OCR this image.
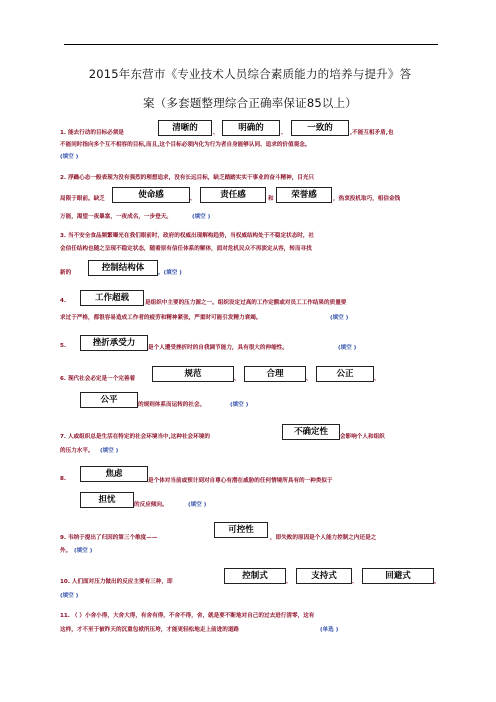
2015年东营市《专业技术人员综合素质能力的培养与提升》答
案（多套题整理综合正确率保证85以上）
1. 能去行动的目标必须是	清晰的	、	明确的	、	一致的	,不能互相矛盾,也
不能同时指向多个互不相容的目标,而且,这个目标必须内化为行为者自身能够认同、追求的价值观念。
(填空 )
2. 浮躁心态一般表现为没有强烈的理想追求，没有长远目标，缺乏踏踏实实干事业的奋斗精神，目光只
局限于眼前。缺乏	使命感	、	责任感	和	荣誉感	，热衷投机取巧，相信金钱
万能，渴望一夜暴富，一夜成名，一步登天。	(填空 )
3. 当不安全食品频繁曝光在我们眼前时，政府的权威出现解构趋势，当权威结构处于不稳定状态时，社
会信任结构也随之呈现不稳定状态，随着原有信任体系的解体，面对危机民众不再淡定从容，转而寻找
新的	控制结构体	。(填空 )
4.	工作超载	是组织中主要的压力源之一。组织设定过高的工作定额或对员工工作结果的质量要
求过于严格，都很容易造成工作者的疲劳和精神紧张，严重时可能引发精力衰竭。	(填空 )
5.	挫折承受力	是个人遭受挫折时的自我调节能力，具有很大的伸缩性。	(填空 )
6. 现代社会必定是一个完善着	规范	、	合理	、	公正	、
公平	的规则体系而运转的社会。	(填空 )
7. 人或组织总是生活在特定的社会环境当中,这种社会环境的	不确定性	会影响个人和组织
的压力水平。 (填空 )
8.	焦虑
是个体对当前或预计到对自尊心有潜在威胁的任何情境所具有的一种类似于
担忧	的反应倾向。	(填空 )
9. 韦纳于提出了归因的第三个维度——
可控性
，即失败的原因是个人能力控制之内还是之
外。 (填空 )
10. 人们面对压力做出的反应主要有三种，即
控制式
、
支持式
、
回避式
。
(填空 )
11. （ ）小舍小得，大舍大得，有舍有得，不舍不得，舍，就是要不断地对自己的过去进行清零，这有
这样，才不至于被昨天的沉重包袱所压垮，才能更轻松地走上前进的道路	(单选 )
